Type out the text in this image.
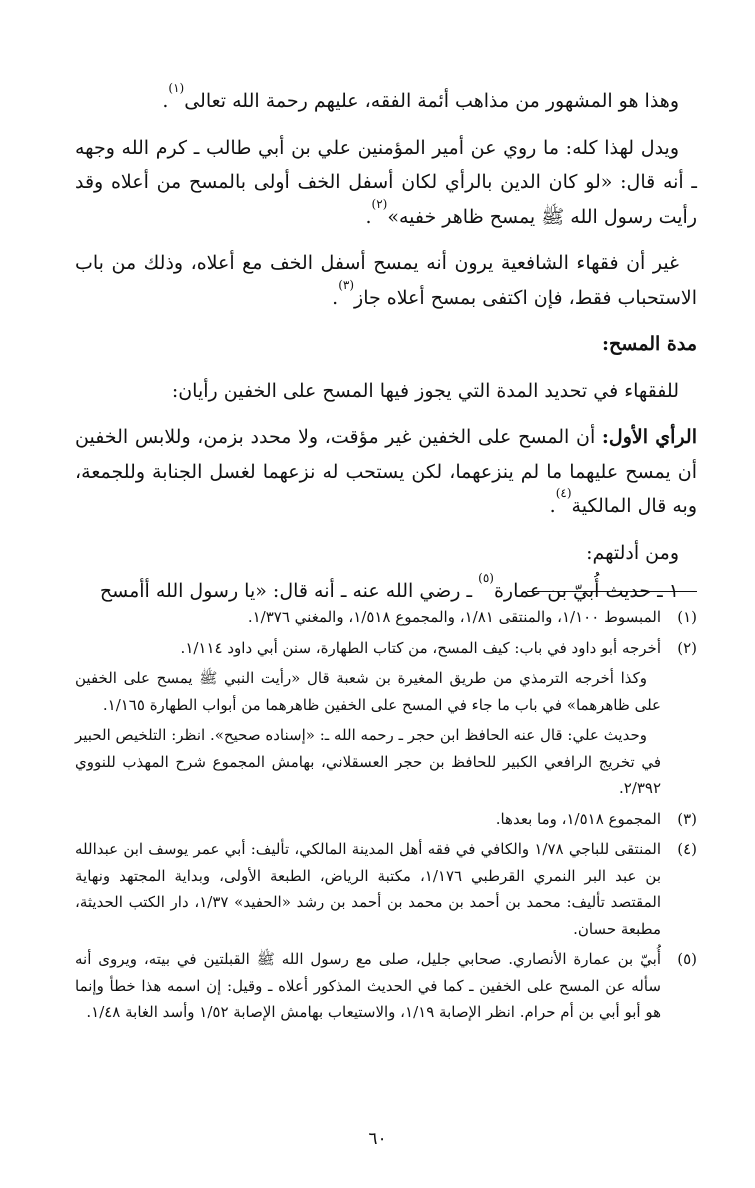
وهذا هو المشهور من مذاهب أئمة الفقه، عليهم رحمة الله تعالى$^{(١)}$.

ويدل لهذا كله: ما روي عن أمير المؤمنين علي بن أبي طالب ـ كرم الله وجهه ـ أنه قال: «لو كان الدين بالرأي لكان أسفل الخف أولى بالمسح من أعلاه وقد رأيت رسول الله ﷺ يمسح ظاهر خفيه»$^{(٢)}$.

غير أن فقهاء الشافعية يرون أنه يمسح أسفل الخف مع أعلاه، وذلك من باب الاستحباب فقط، فإن اكتفى بمسح أعلاه جاز$^{(٣)}$.

مدة المسح:

للفقهاء في تحديد المدة التي يجوز فيها المسح على الخفين رأيان:

الرأي الأول: أن المسح على الخفين غير مؤقت، ولا محدد بزمن، وللابس الخفين أن يمسح عليهما ما لم ينزعهما، لكن يستحب له نزعهما لغسل الجنابة وللجمعة، وبه قال المالكية$^{(٤)}$.

ومن أدلتهم:

١ ـ حديث أُبيّ بن عمارة$^{(٥)}$ ـ رضي الله عنه ـ أنه قال: «يا رسول الله أأمسح

(١)
المبسوط ١/١٠٠، والمنتقى ١/٨١، والمجموع ١/٥١٨، والمغني ١/٣٧٦.
(٢)
أخرجه أبو داود في باب: كيف المسح، من كتاب الطهارة، سنن أبي داود ١/١١٤.
وكذا أخرجه الترمذي من طريق المغيرة بن شعبة قال «رأيت النبي ﷺ يمسح على الخفين على ظاهرهما» في باب ما جاء في المسح على الخفين ظاهرهما من أبواب الطهارة ١/١٦٥.
وحديث علي: قال عنه الحافظ ابن حجر ـ رحمه الله ـ: «إسناده صحيح». انظر: التلخيص الحبير في تخريج الرافعي الكبير للحافظ بن حجر العسقلاني، بهامش المجموع شرح المهذب للنووي ٢/٣٩٢.
(٣)
المجموع ١/٥١٨، وما بعدها.
(٤)
المنتقى للباجي ١/٧٨ والكافي في فقه أهل المدينة المالكي، تأليف: أبي عمر يوسف ابن عبدالله بن عبد البر النمري القرطبي ١/١٧٦، مكتبة الرياض، الطبعة الأولى، وبداية المجتهد ونهاية المقتصد تأليف: محمد بن أحمد بن محمد بن أحمد بن رشد «الحفيد» ١/٣٧، دار الكتب الحديثة، مطبعة حسان.
(٥)
أُبيّ بن عمارة الأنصاري. صحابي جليل، صلى مع رسول الله ﷺ القبلتين في بيته، ويروى أنه سأله عن المسح على الخفين ـ كما في الحديث المذكور أعلاه ـ وقيل: إن اسمه هذا خطأ وإنما هو أبو أبي بن أم حرام. انظر الإصابة ١/١٩، والاستيعاب بهامش الإصابة ١/٥٢ وأسد الغابة ١/٤٨.
٦٠
